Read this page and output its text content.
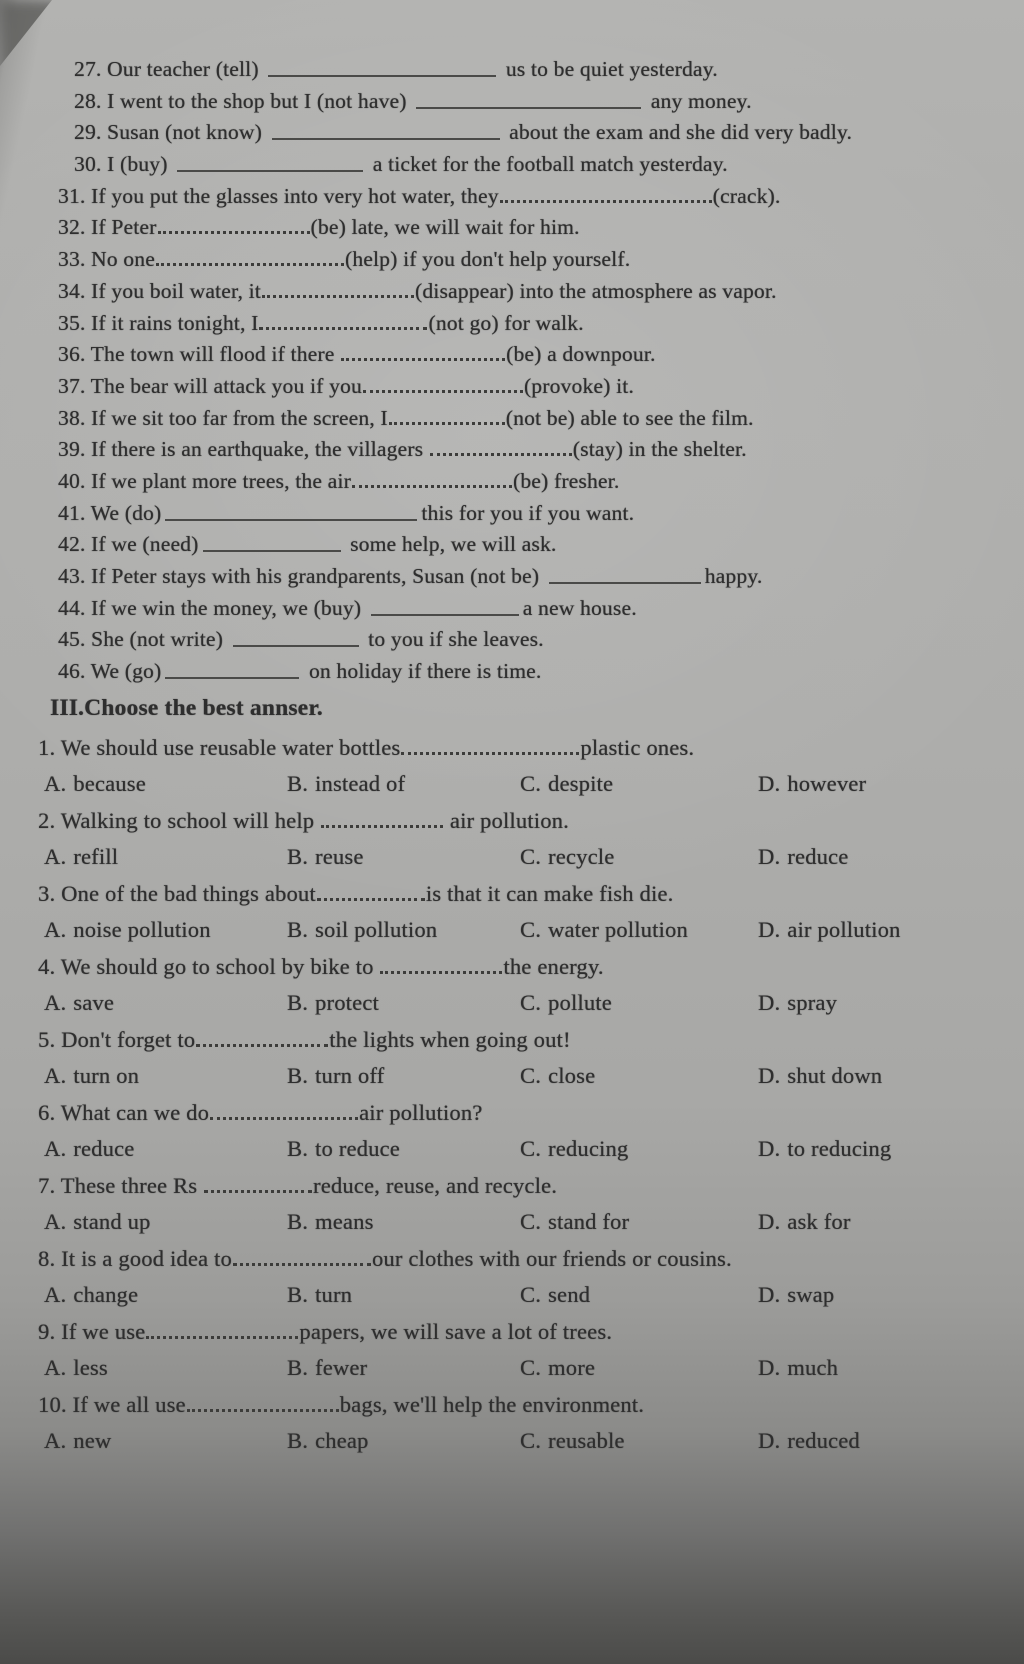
27. Our teacher (tell)	us to be quiet yesterday.
28. I went to the shop but I (not have)	any money.
29. Susan (not know)	about the exam and she did very badly.
30. I (buy)	a ticket for the football match yesterday.
31. If you put the glasses into very hot water, they	(crack).
32. If Peter	(be) late, we will wait for him.
33. No one	(help) if you don't help yourself.
34. If you boil water, it	(disappear) into the atmosphere as vapor.
35. If it rains tonight, I	(not go) for walk.
36. The town will flood if there	(be) a downpour.
37. The bear will attack you if you	(provoke) it.
38. If we sit too far from the screen, I	(not be) able to see the film.
39. If there is an earthquake, the villagers	(stay) in the shelter.
40. If we plant more trees, the air	(be) fresher.
41. We (do)	this for you if you want.
42. If we (need)	some help, we will ask.
43. If Peter stays with his grandparents, Susan (not be)	happy.
44. If we win the money, we (buy)	a new house.
45. She (not write)	to you if she leaves.
46. We (go)	on holiday if there is time.
III.Choose the best annser.
1. We should use reusable water bottles	plastic ones.
A. because	B. instead of	C. despite	D. however
2. Walking to school will help	air pollution.
A. refill	B. reuse	C. recycle	D. reduce
3. One of the bad things about	is that it can make fish die.
A. noise pollution	B. soil pollution	C. water pollution	D. air pollution
4. We should go to school by bike to	the energy.
A. save	B. protect	C. pollute	D. spray
5. Don't forget to	the lights when going out!
A. turn on	B. turn off	C. close	D. shut down
6. What can we do	air pollution?
A. reduce	B. to reduce	C. reducing	D. to reducing
7. These three Rs	reduce, reuse, and recycle.
A. stand up	B. means	C. stand for	D. ask for
8. It is a good idea to	our clothes with our friends or cousins.
A. change	B. turn	C. send	D. swap
9. If we use	papers, we will save a lot of trees.
A. less	B. fewer	C. more	D. much
10. If we all use	bags, we'll help the environment.
A. new	B. cheap	C. reusable	D. reduced
